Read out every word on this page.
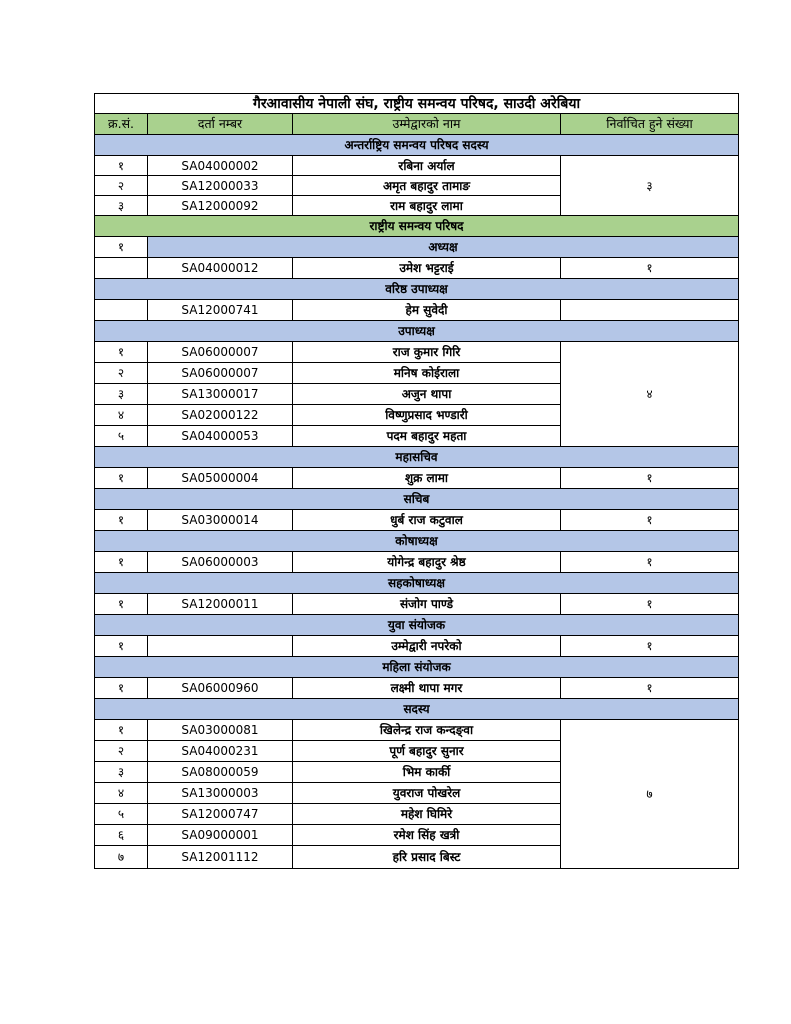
गैरआवासीय नेपाली संघ, राष्ट्रीय समन्वय परिषद, साउदी अरेबिया			
क्र.सं.	दर्ता नम्बर	उम्मेद्वारको नाम	निर्वाचित हुने संख्या
अन्तर्राष्ट्रिय समन्वय परिषद सदस्य			
१	SA04000002	रबिना अर्याल	३
२	SA12000033	अमृत बहादुर तामाङ	
३	SA12000092	राम बहादुर लामा	
राष्ट्रीय समन्वय परिषद			
१	अध्यक्ष		
	SA04000012	उमेश भट्टराई	१
वरिष्ठ उपाध्यक्ष			
	SA12000741	हेम सुवेदी	
उपाध्यक्ष			
१	SA06000007	राज कुमार गिरि	४
२	SA06000007	मनिष कोईराला	
३	SA13000017	अजुन थापा	
४	SA02000122	विष्णुप्रसाद भण्डारी	
५	SA04000053	पदम बहादुर महता	
महासचिव			
१	SA05000004	शुक्र लामा	१
सचिब			
१	SA03000014	धुर्ब राज कटुवाल	१
कोषाध्यक्ष			
१	SA06000003	योगेन्द्र बहादुर श्रेष्ठ	१
सहकोषाध्यक्ष			
१	SA12000011	संजोग पाण्डे	१
युवा संयोजक			
१		उम्मेद्वारी नपरेको	१
महिला संयोजक			
१	SA06000960	लक्ष्मी थापा मगर	१
सदस्य			
१	SA03000081	खिलेन्द्र राज कन्दङ्वा	७
२	SA04000231	पूर्ण बहादुर सुनार	
३	SA08000059	भिम कार्की	
४	SA13000003	युवराज पोखरेल	
५	SA12000747	महेश घिमिरे	
६	SA09000001	रमेश सिंह खत्री	
७	SA12001112	हरि प्रसाद बिस्ट	
